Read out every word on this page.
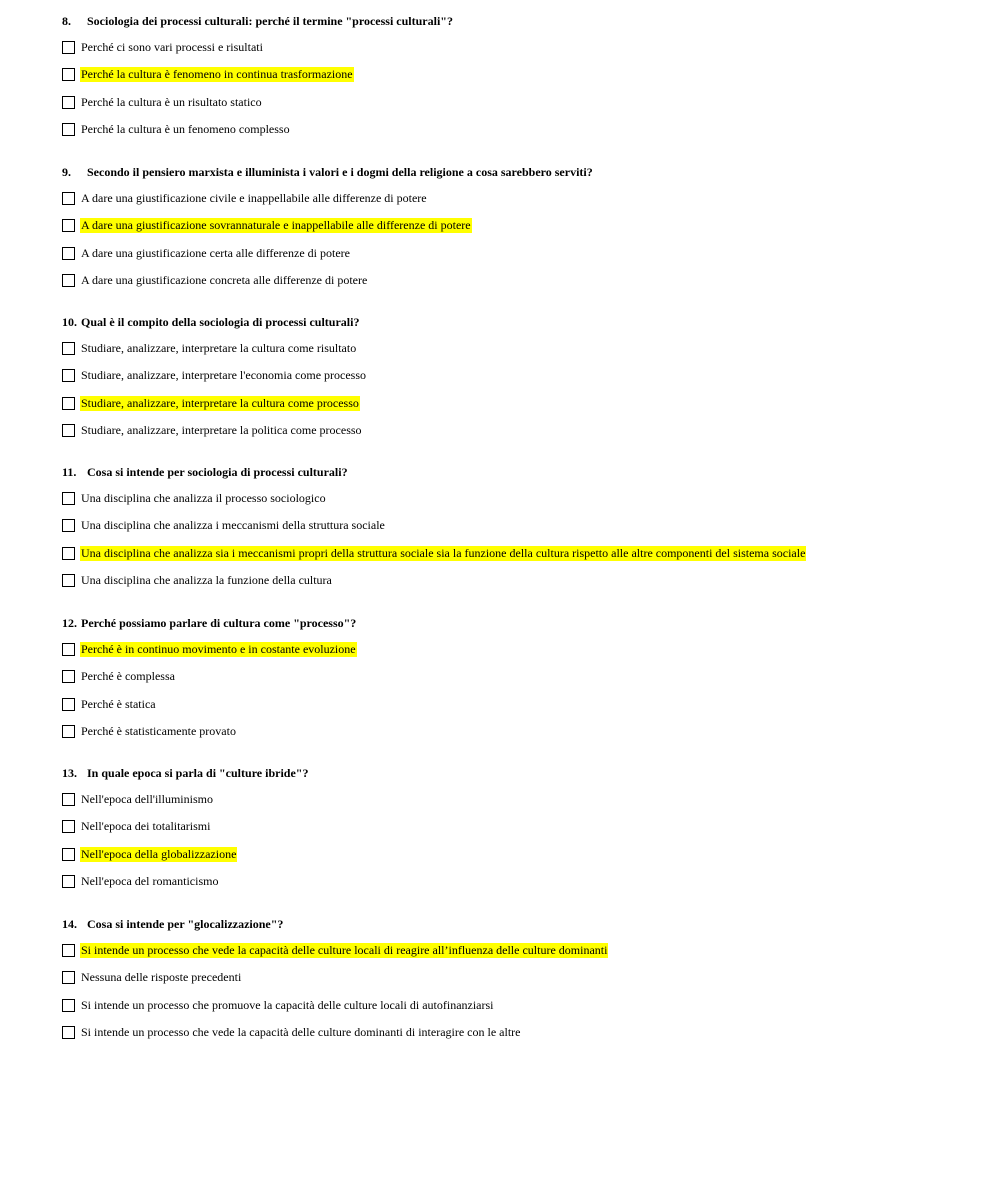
8. Sociologia dei processi culturali: perché il termine "processi culturali"?
Perché ci sono vari processi e risultati
Perché la cultura è fenomeno in continua trasformazione
Perché la cultura è un risultato statico
Perché la cultura è un fenomeno complesso
9. Secondo il pensiero marxista e illuminista i valori e i dogmi della religione a cosa sarebbero serviti?
A dare una giustificazione civile e inappellabile alle differenze di potere
A dare una giustificazione sovrannaturale e inappellabile alle differenze di potere
A dare una giustificazione certa alle differenze di potere
A dare una giustificazione concreta alle differenze di potere
10. Qual è il compito della sociologia di processi culturali?
Studiare, analizzare, interpretare la cultura come risultato
Studiare, analizzare, interpretare l'economia come processo
Studiare, analizzare, interpretare la cultura come processo
Studiare, analizzare, interpretare la politica come processo
11. Cosa si intende per sociologia di processi culturali?
Una disciplina che analizza il processo sociologico
Una disciplina che analizza i meccanismi della struttura sociale
Una disciplina che analizza sia i meccanismi propri della struttura sociale sia la funzione della cultura rispetto alle altre componenti del sistema sociale
Una disciplina che analizza la funzione della cultura
12. Perché possiamo parlare di cultura come "processo"?
Perché è in continuo movimento e in costante evoluzione
Perché è complessa
Perché è statica
Perché è statisticamente provato
13. In quale epoca si parla di "culture ibride"?
Nell'epoca dell'illuminismo
Nell'epoca dei totalitarismi
Nell'epoca della globalizzazione
Nell'epoca del romanticismo
14. Cosa si intende per "glocalizzazione"?
Si intende un processo che vede la capacità delle culture locali di reagire all’influenza delle culture dominanti
Nessuna delle risposte precedenti
Si intende un processo che promuove la capacità delle culture locali di autofinanziarsi
Si intende un processo che vede la capacità delle culture dominanti di interagire con le altre
